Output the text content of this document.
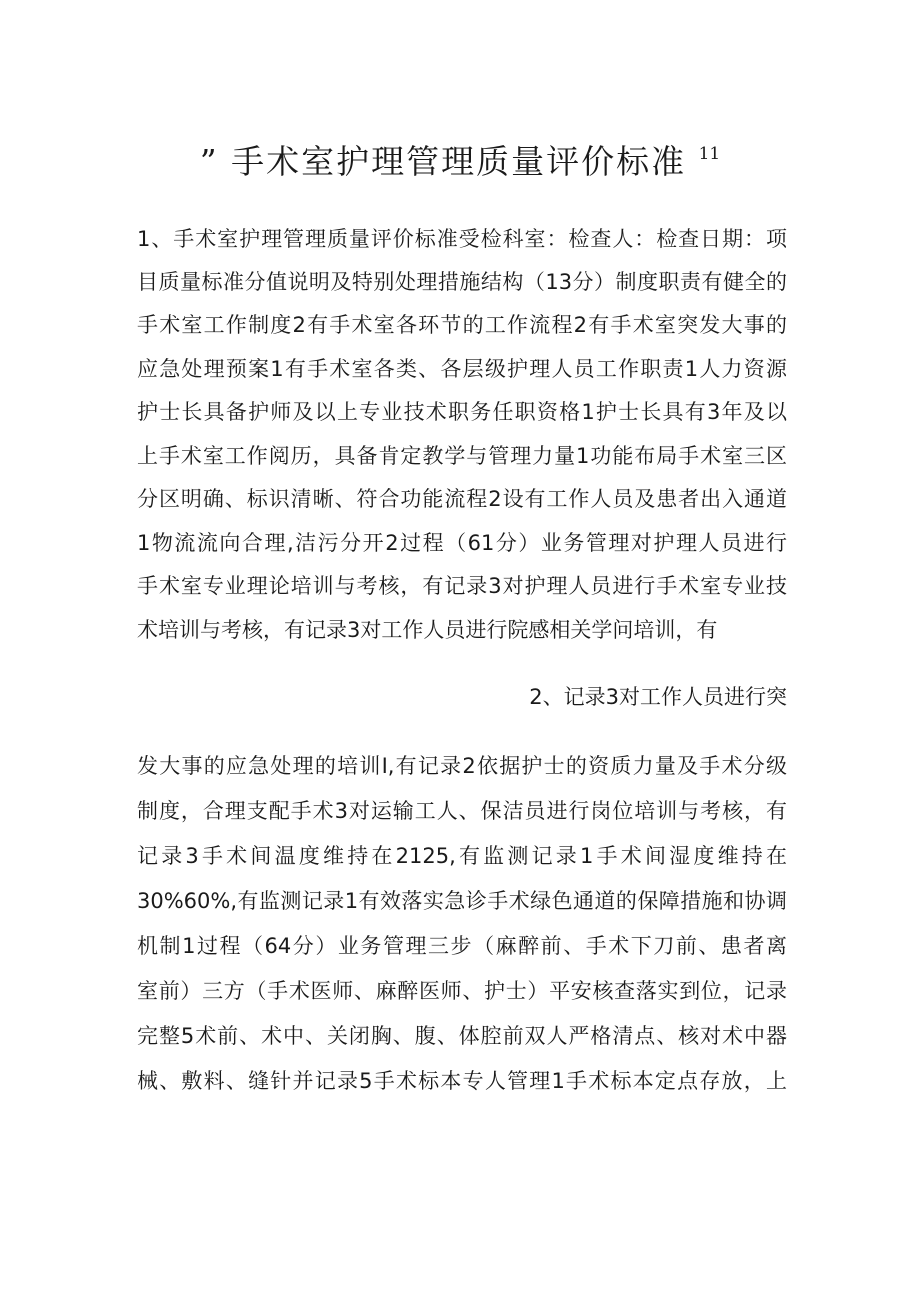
” 手术室护理管理质量评价标准 $^{11}$
1、手术室护理管理质量评价标准受检科室：检查人：检查日期：项
目质量标准分值说明及特别处理措施结构（13分）制度职责有健全的
手术室工作制度2有手术室各环节的工作流程2有手术室突发大事的
应急处理预案1有手术室各类、各层级护理人员工作职责1人力资源
护士长具备护师及以上专业技术职务任职资格1护士长具有3年及以
上手术室工作阅历，具备肯定教学与管理力量1功能布局手术室三区
分区明确、标识清晰、符合功能流程2设有工作人员及患者出入通道
1物流流向合理,洁污分开2过程（61分）业务管理对护理人员进行
手术室专业理论培训与考核，有记录3对护理人员进行手术室专业技
术培训与考核，有记录3对工作人员进行院感相关学问培训，有
2、记录3对工作人员进行突
发大事的应急处理的培训I,有记录2依据护士的资质力量及手术分级
制度，合理支配手术3对运输工人、保洁员进行岗位培训与考核，有
记录3手术间温度维持在2125,有监测记录1手术间湿度维持在
30%60%,有监测记录1有效落实急诊手术绿色通道的保障措施和协调
机制1过程（64分）业务管理三步（麻醉前、手术下刀前、患者离
室前）三方（手术医师、麻醉医师、护士）平安核查落实到位，记录
完整5术前、术中、关闭胸、腹、体腔前双人严格清点、核对术中器
械、敷料、缝针并记录5手术标本专人管理1手术标本定点存放，上
